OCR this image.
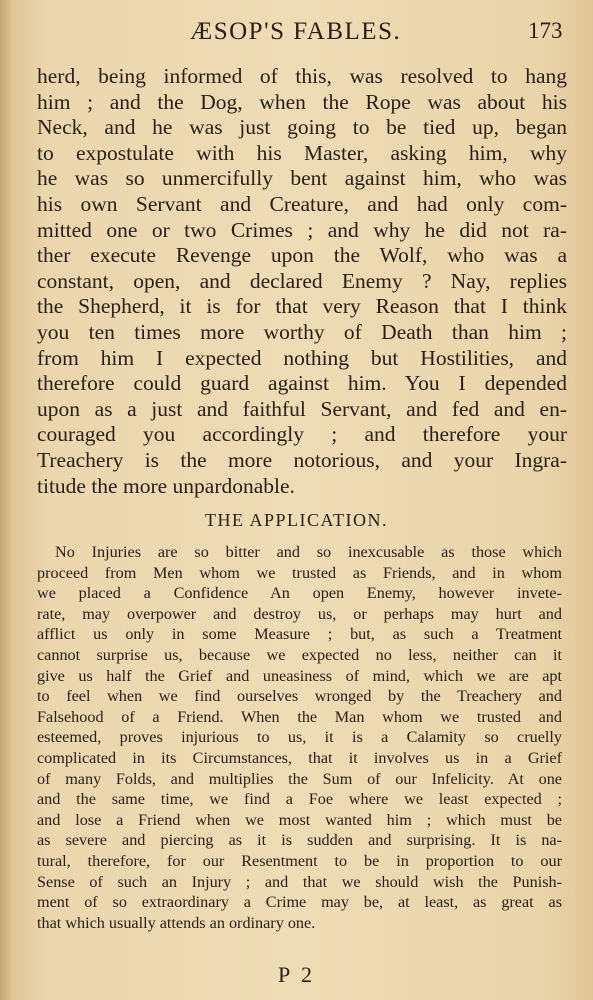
ÆSOP'S FABLES.	173
herd, being informed of this, was resolved to hang
him ; and the Dog, when the Rope was about his
Neck, and he was just going to be tied up, began
to expostulate with his Master, asking him, why
he was so unmercifully bent against him, who was
his own Servant and Creature, and had only com-
mitted one or two Crimes ; and why he did not ra-
ther execute Revenge upon the Wolf, who was a
constant, open, and declared Enemy ? Nay, replies
the Shepherd, it is for that very Reason that I think
you ten times more worthy of Death than him ;
from him I expected nothing but Hostilities, and
therefore could guard against him. You I depended
upon as a just and faithful Servant, and fed and en-
couraged you accordingly ; and therefore your
Treachery is the more notorious, and your Ingra-
titude the more unpardonable.
THE APPLICATION.
No Injuries are so bitter and so inexcusable as those which
proceed from Men whom we trusted as Friends, and in whom
we placed a Confidence An open Enemy, however invete-
rate, may overpower and destroy us, or perhaps may hurt and
afflict us only in some Measure ; but, as such a Treatment
cannot surprise us, because we expected no less, neither can it
give us half the Grief and uneasiness of mind, which we are apt
to feel when we find ourselves wronged by the Treachery and
Falsehood of a Friend. When the Man whom we trusted and
esteemed, proves injurious to us, it is a Calamity so cruelly
complicated in its Circumstances, that it involves us in a Grief
of many Folds, and multiplies the Sum of our Infelicity. At one
and the same time, we find a Foe where we least expected ;
and lose a Friend when we most wanted him ; which must be
as severe and piercing as it is sudden and surprising. It is na-
tural, therefore, for our Resentment to be in proportion to our
Sense of such an Injury ; and that we should wish the Punish-
ment of so extraordinary a Crime may be, at least, as great as
that which usually attends an ordinary one.
P 2
